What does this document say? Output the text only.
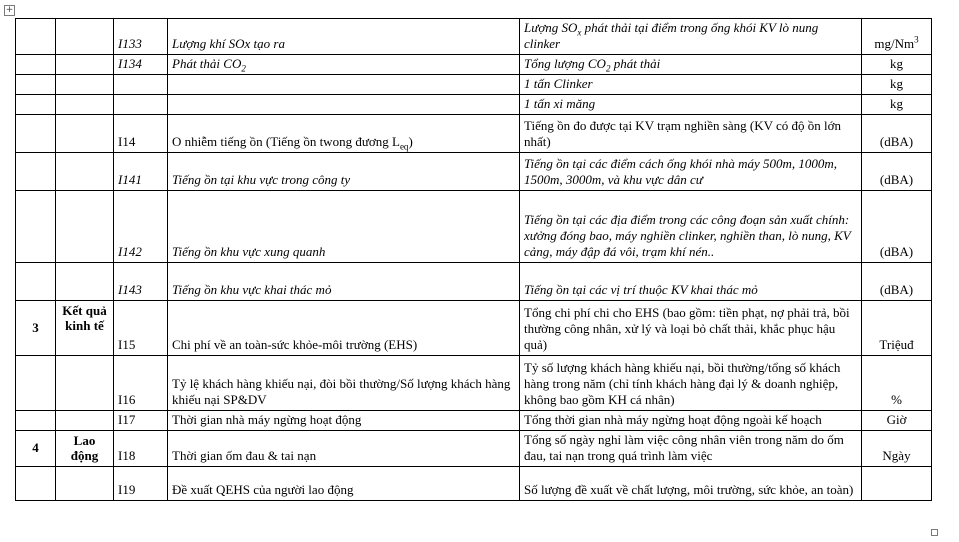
+
		I133	Lượng khí SOx tạo ra	Lượng $SO_x$ phát thải tại điểm trong ống khói KV lò nung clinker	mg/Nm$^3$
		I134	Phát thải $CO_2$	Tổng lượng $CO_2$ phát thải	kg
				1 tấn Clinker	kg
				1 tấn xi măng	kg
		I14	O nhiễm tiếng ồn (Tiếng ồn twong đương $L_{eq}$)	Tiếng ồn đo được tại KV trạm nghiền sàng (KV có độ ồn lớn nhất)	(dBA)
		I141	Tiếng ồn tại khu vực trong công ty	Tiếng ồn tại các điểm cách ống khói nhà máy 500m, 1000m, 1500m, 3000m, và khu vực dân cư	(dBA)
		I142	Tiếng ồn khu vực xung quanh	Tiếng ồn tại các địa điểm trong các công đoạn sản xuất chính: xưởng đóng bao, máy nghiền clinker, nghiền than, lò nung, KV cảng, máy đập đá vôi, trạm khí nén..	(dBA)
		I143	Tiếng ồn khu vực khai thác mỏ	Tiếng ồn tại các vị trí thuộc KV khai thác mỏ	(dBA)
3	Kết quả kinh tế	I15	Chi phí về an toàn-sức khỏe-môi trường (EHS)	Tổng chi phí chi cho EHS (bao gồm: tiền phạt, nợ phải trả, bồi thường công nhân, xử lý và loại bỏ chất thải, khắc phục hậu quả)	Triệuđ
		I16	Tỷ lệ khách hàng khiếu nại, đòi bồi thường/Số lượng khách hàng khiếu nại SP&DV	Tỷ số lượng khách hàng khiếu nại, bồi thường/tổng số khách hàng trong năm (chỉ tính khách hàng đại lý & doanh nghiệp, không bao gồm KH cá nhân)	%
		I17	Thời gian nhà máy ngừng hoạt động	Tổng thời gian nhà máy ngừng hoạt động ngoài kế hoạch	Giờ
4	Lao động	I18	Thời gian ốm đau & tai nạn	Tổng số ngày nghỉ làm việc công nhân viên trong năm do ốm đau, tai nạn trong quá trình làm việc	Ngày
		I19	Đề xuất QEHS của người lao động	Số lượng đề xuất về chất lượng, môi trường, sức khỏe, an toàn)	
